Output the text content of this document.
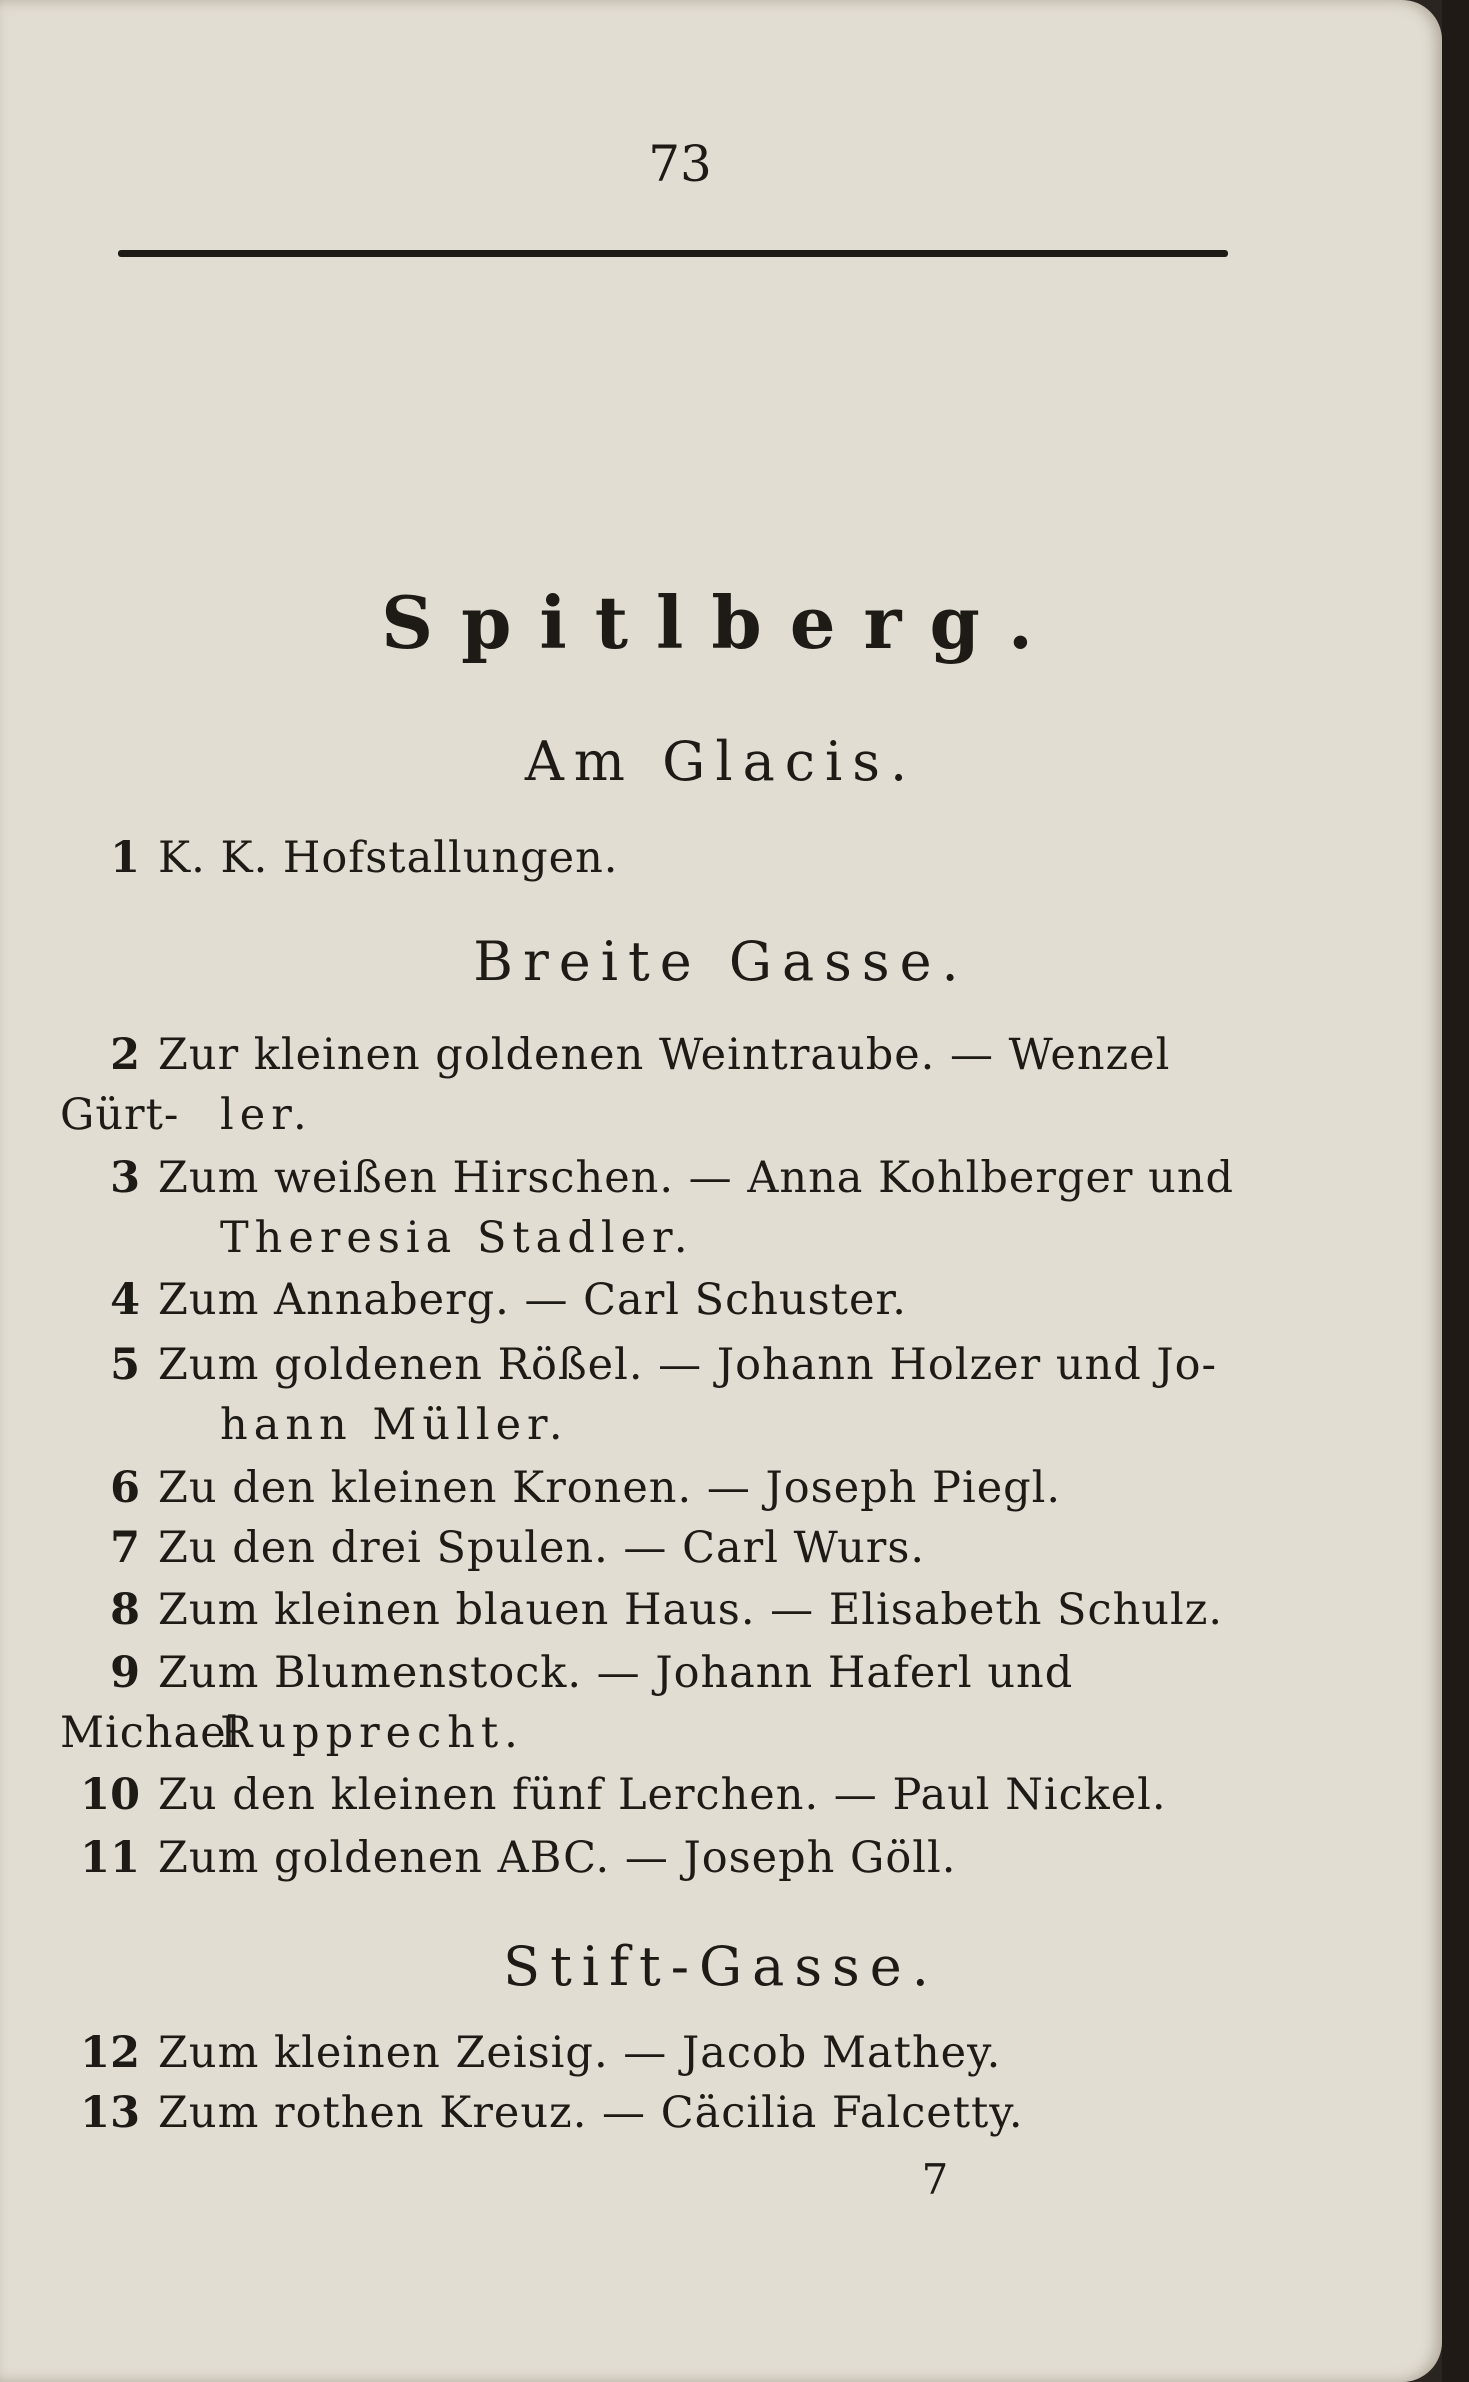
73
Spitlberg.
Am Glacis.
1 K. K. Hofstallungen.
Breite Gasse.
2 Zur kleinen goldenen Weintraube. — Wenzel Gürt- ler.
3 Zum weißen Hirschen. — Anna Kohlberger und
Theresia Stadler.
4 Zum Annaberg. — Carl Schuster.
5 Zum goldenen Rößel. — Johann Holzer und Jo-
hann Müller.
6 Zu den kleinen Kronen. — Joseph Piegl.
7 Zu den drei Spulen. — Carl Wurs.
8 Zum kleinen blauen Haus. — Elisabeth Schulz.
9 Zum Blumenstock. — Johann Haferl und Michael
Rupprecht.
10 Zu den kleinen fünf Lerchen. — Paul Nickel.
11 Zum goldenen ABC. — Joseph Göll.
Stift-Gasse.
12 Zum kleinen Zeisig. — Jacob Mathey.
13 Zum rothen Kreuz. — Cäcilia Falcetty.
7
